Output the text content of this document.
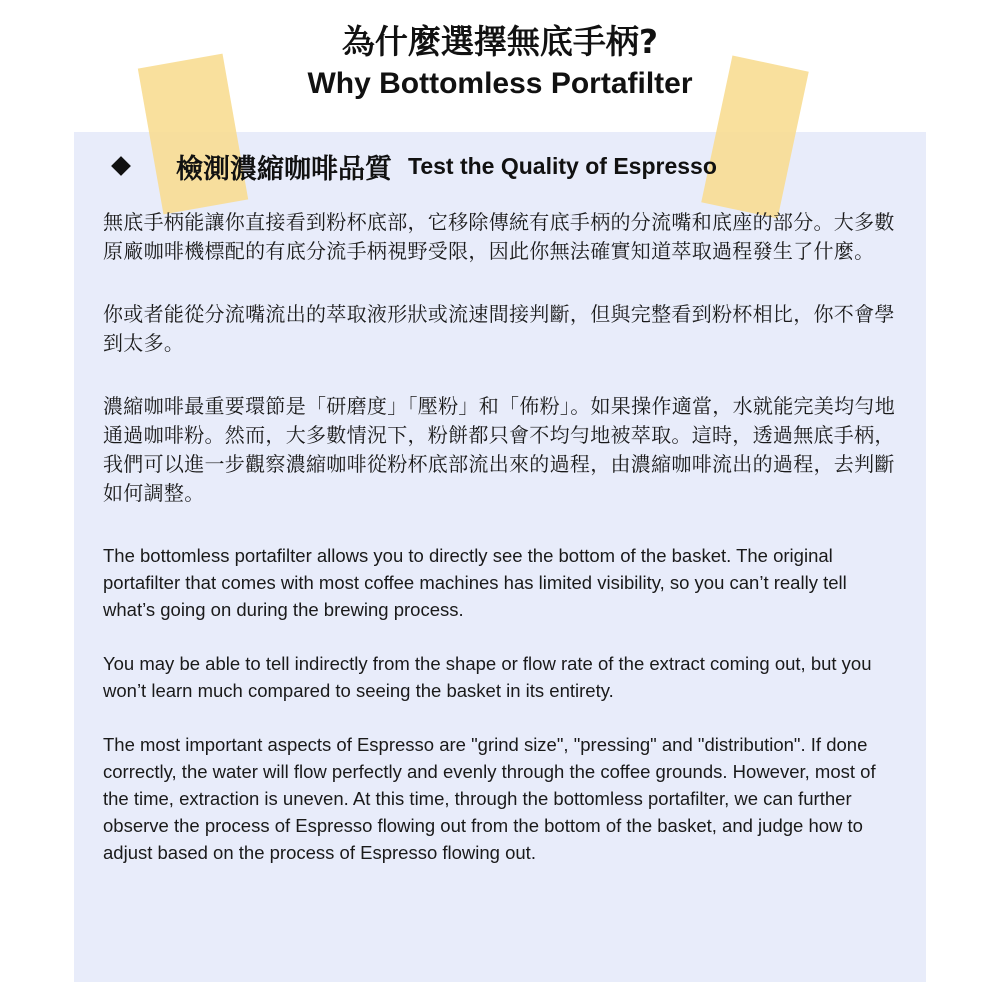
為什麼選擇無底手柄?
Why Bottomless Portafilter
檢測濃縮咖啡品質 Test the Quality of Espresso

無底手柄能讓你直接看到粉杯底部，它移除傳統有底手柄的分流嘴和底座的部分。大多數原廠咖啡機標配的有底分流手柄視野受限，因此你無法確實知道萃取過程發生了什麼。

你或者能從分流嘴流出的萃取液形狀或流速間接判斷，但與完整看到粉杯相比，你不會學到太多。

濃縮咖啡最重要環節是「研磨度」「壓粉」和「佈粉」。如果操作適當，水就能完美均勻地通過咖啡粉。然而，大多數情況下，粉餅都只會不均勻地被萃取。這時，透過無底手柄，我們可以進一步觀察濃縮咖啡從粉杯底部流出來的過程，由濃縮咖啡流出的過程，去判斷如何調整。

The bottomless portafilter allows you to directly see the bottom of the basket. The original portafilter that comes with most coffee machines has limited visibility, so you can’t really tell what’s going on during the brewing process.

You may be able to tell indirectly from the shape or flow rate of the extract coming out, but you won’t learn much compared to seeing the basket in its entirety.

The most important aspects of Espresso are "grind size", "pressing" and "distribution". If done correctly, the water will flow perfectly and evenly through the coffee grounds. However, most of the time, extraction is uneven. At this time, through the bottomless portafilter, we can further observe the process of Espresso flowing out from the bottom of the basket, and judge how to adjust based on the process of Espresso flowing out.
